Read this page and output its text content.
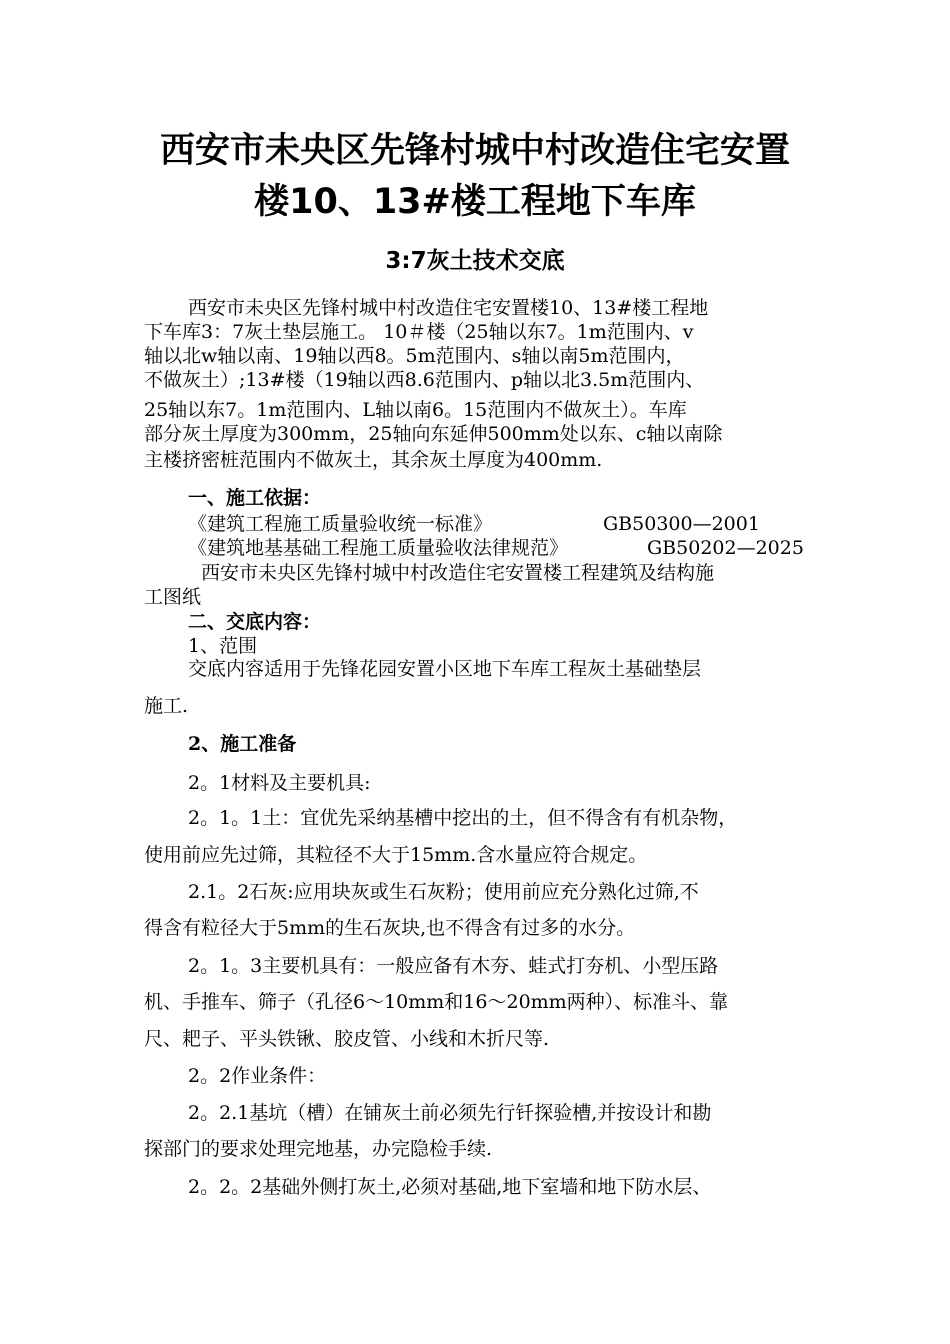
西安市未央区先锋村城中村改造住宅安置
楼10、13#楼工程地下车库
3:7灰土技术交底
西安市未央区先锋村城中村改造住宅安置楼10、13#楼工程地
下车库3：7灰土垫层施工。 10＃楼（25轴以东7。1m范围内、v
轴以北w轴以南、19轴以西8。5m范围内、s轴以南5m范围内，
不做灰土）;13#楼（19轴以西8.6范围内、p轴以北3.5m范围内、
25轴以东7。1m范围内、L轴以南6。15范围内不做灰土）。车库
部分灰土厚度为300mm，25轴向东延伸500mm处以东、c轴以南除
主楼挤密桩范围内不做灰土，其余灰土厚度为400mm.
一、施工依据：
《建筑工程施工质量验收统一标准》	GB50300—2001
《建筑地基基础工程施工质量验收法律规范》	GB50202—2025
西安市未央区先锋村城中村改造住宅安置楼工程建筑及结构施
工图纸
二、交底内容：
1、范围
交底内容适用于先锋花园安置小区地下车库工程灰土基础垫层
施工.
2、施工准备
2。1材料及主要机具:
2。1。1土：宜优先采纳基槽中挖出的土，但不得含有有机杂物，
使用前应先过筛，其粒径不大于15mm.含水量应符合规定。
2.1。2石灰:应用块灰或生石灰粉；使用前应充分熟化过筛,不
得含有粒径大于5mm的生石灰块,也不得含有过多的水分。
2。1。3主要机具有：一般应备有木夯、蛙式打夯机、小型压路
机、手推车、筛子（孔径6～10mm和16～20mm两种）、标准斗、靠
尺、耙子、平头铁锹、胶皮管、小线和木折尺等.
2。2作业条件：
2。2.1基坑（槽）在铺灰土前必须先行钎探验槽,并按设计和勘
探部门的要求处理完地基，办完隐检手续.
2。2。2基础外侧打灰土,必须对基础,地下室墙和地下防水层、
